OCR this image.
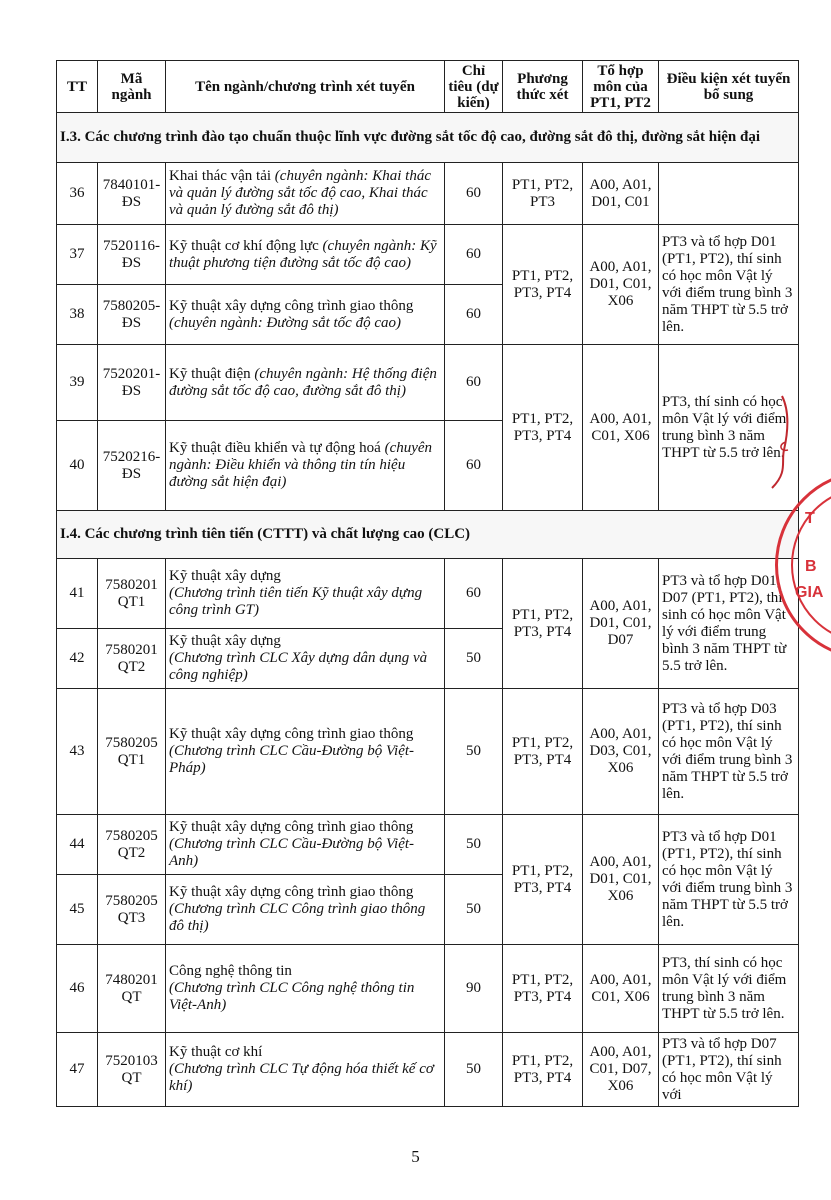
TT	Mã ngành	Tên ngành/chương trình xét tuyển	Chỉ tiêu (dự kiến)	Phương thức xét	Tổ hợp môn của PT1, PT2	Điều kiện xét tuyển bổ sung
I.3. Các chương trình đào tạo chuẩn thuộc lĩnh vực đường sắt tốc độ cao, đường sắt đô thị, đường sắt hiện đại						
36	7840101-ĐS	Khai thác vận tải (chuyên ngành: Khai thác và quản lý đường sắt tốc độ cao, Khai thác và quản lý đường sắt đô thị)	60	PT1, PT2, PT3	A00, A01, D01, C01	
37	7520116-ĐS	Kỹ thuật cơ khí động lực (chuyên ngành: Kỹ thuật phương tiện đường sắt tốc độ cao)	60	PT1, PT2, PT3, PT4	A00, A01, D01, C01, X06	PT3 và tổ hợp D01 (PT1, PT2), thí sinh có học môn Vật lý với điểm trung bình 3 năm THPT từ 5.5 trở lên.
38	7580205-ĐS	Kỹ thuật xây dựng công trình giao thông (chuyên ngành: Đường sắt tốc độ cao)	60			
39	7520201-ĐS	Kỹ thuật điện (chuyên ngành: Hệ thống điện đường sắt tốc độ cao, đường sắt đô thị)	60	PT1, PT2, PT3, PT4	A00, A01, C01, X06	PT3, thí sinh có học môn Vật lý với điểm trung bình 3 năm THPT từ 5.5 trở lên.
40	7520216-ĐS	Kỹ thuật điều khiển và tự động hoá (chuyên ngành: Điều khiển và thông tin tín hiệu đường sắt hiện đại)	60			
I.4. Các chương trình tiên tiến (CTTT) và chất lượng cao (CLC)						
41	7580201 QT1	Kỹ thuật xây dựng
(Chương trình tiên tiến Kỹ thuật xây dựng công trình GT)	60	PT1, PT2, PT3, PT4	A00, A01, D01, C01, D07	PT3 và tổ hợp D01, D07 (PT1, PT2), thí sinh có học môn Vật lý với điểm trung bình 3 năm THPT từ 5.5 trở lên.
42	7580201 QT2	Kỹ thuật xây dựng
(Chương trình CLC Xây dựng dân dụng và công nghiệp)	50			
43	7580205 QT1	Kỹ thuật xây dựng công trình giao thông
(Chương trình CLC Cầu-Đường bộ Việt-Pháp)	50	PT1, PT2, PT3, PT4	A00, A01, D03, C01, X06	PT3 và tổ hợp D03 (PT1, PT2), thí sinh có học môn Vật lý với điểm trung bình 3 năm THPT từ 5.5 trở lên.
44	7580205 QT2	Kỹ thuật xây dựng công trình giao thông (Chương trình CLC Cầu-Đường bộ Việt-Anh)	50	PT1, PT2, PT3, PT4	A00, A01, D01, C01, X06	PT3 và tổ hợp D01 (PT1, PT2), thí sinh có học môn Vật lý với điểm trung bình 3 năm THPT từ 5.5 trở lên.
45	7580205 QT3	Kỹ thuật xây dựng công trình giao thông (Chương trình CLC Công trình giao thông đô thị)	50			
46	7480201 QT	Công nghệ thông tin
(Chương trình CLC Công nghệ thông tin Việt-Anh)	90	PT1, PT2, PT3, PT4	A00, A01, C01, X06	PT3, thí sinh có học môn Vật lý với điểm trung bình 3 năm THPT từ 5.5 trở lên.
47	7520103 QT	Kỹ thuật cơ khí
(Chương trình CLC Tự động hóa thiết kế cơ khí)	50	PT1, PT2, PT3, PT4	A00, A01, C01, D07, X06	PT3 và tổ hợp D07 (PT1, PT2), thí sinh có học môn Vật lý với
T
B
GIA
5
